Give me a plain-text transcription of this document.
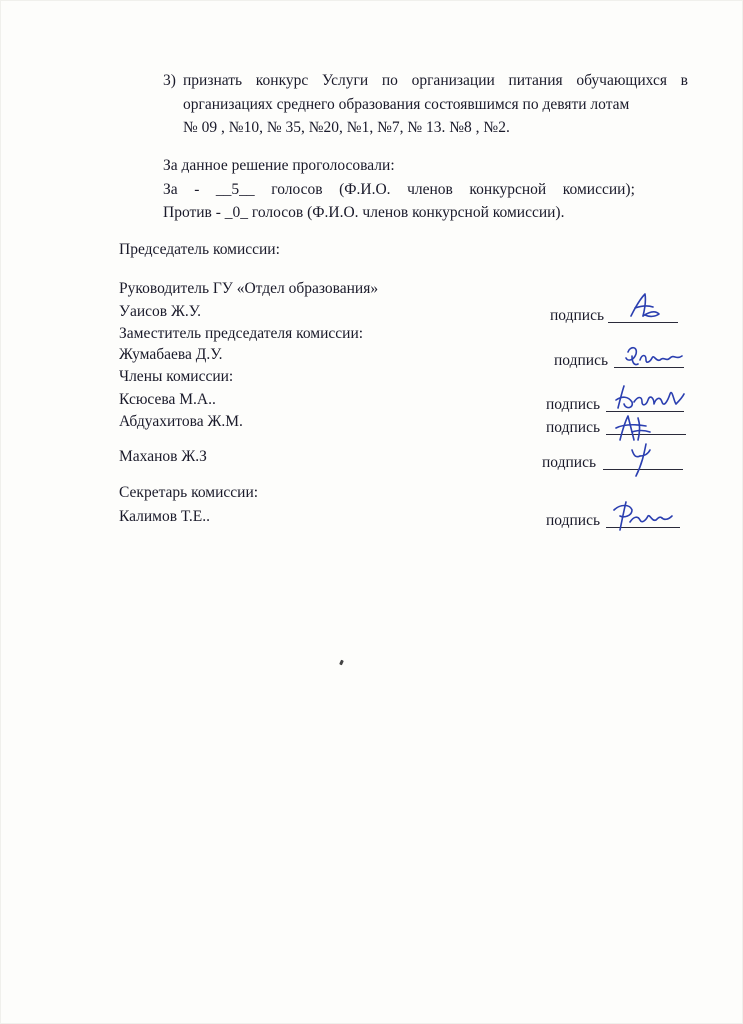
3) признать конкурс Услуги по организации питания обучающихся в
организациях среднего образования состоявшимся по девяти лотам
№ 09 , №10, № 35, №20, №1, №7, № 13. №8 , №2.
За данное решение проголосовали:
За - __5__ голосов (Ф.И.О. членов конкурсной комиссии);
Против - _0_ голосов (Ф.И.О. членов конкурсной комиссии).
Председатель комиссии:
Руководитель ГУ «Отдел образования»
Уаисов Ж.У.	подпись
Заместитель председателя комиссии:
Жумабаева Д.У.	подпись
Члены комиссии:
Ксюсева М.А..	подпись
Абдуахитова Ж.М.	подпись
Маханов Ж.З	подпись
Секретарь комиссии:
Калимов Т.Е..	подпись
